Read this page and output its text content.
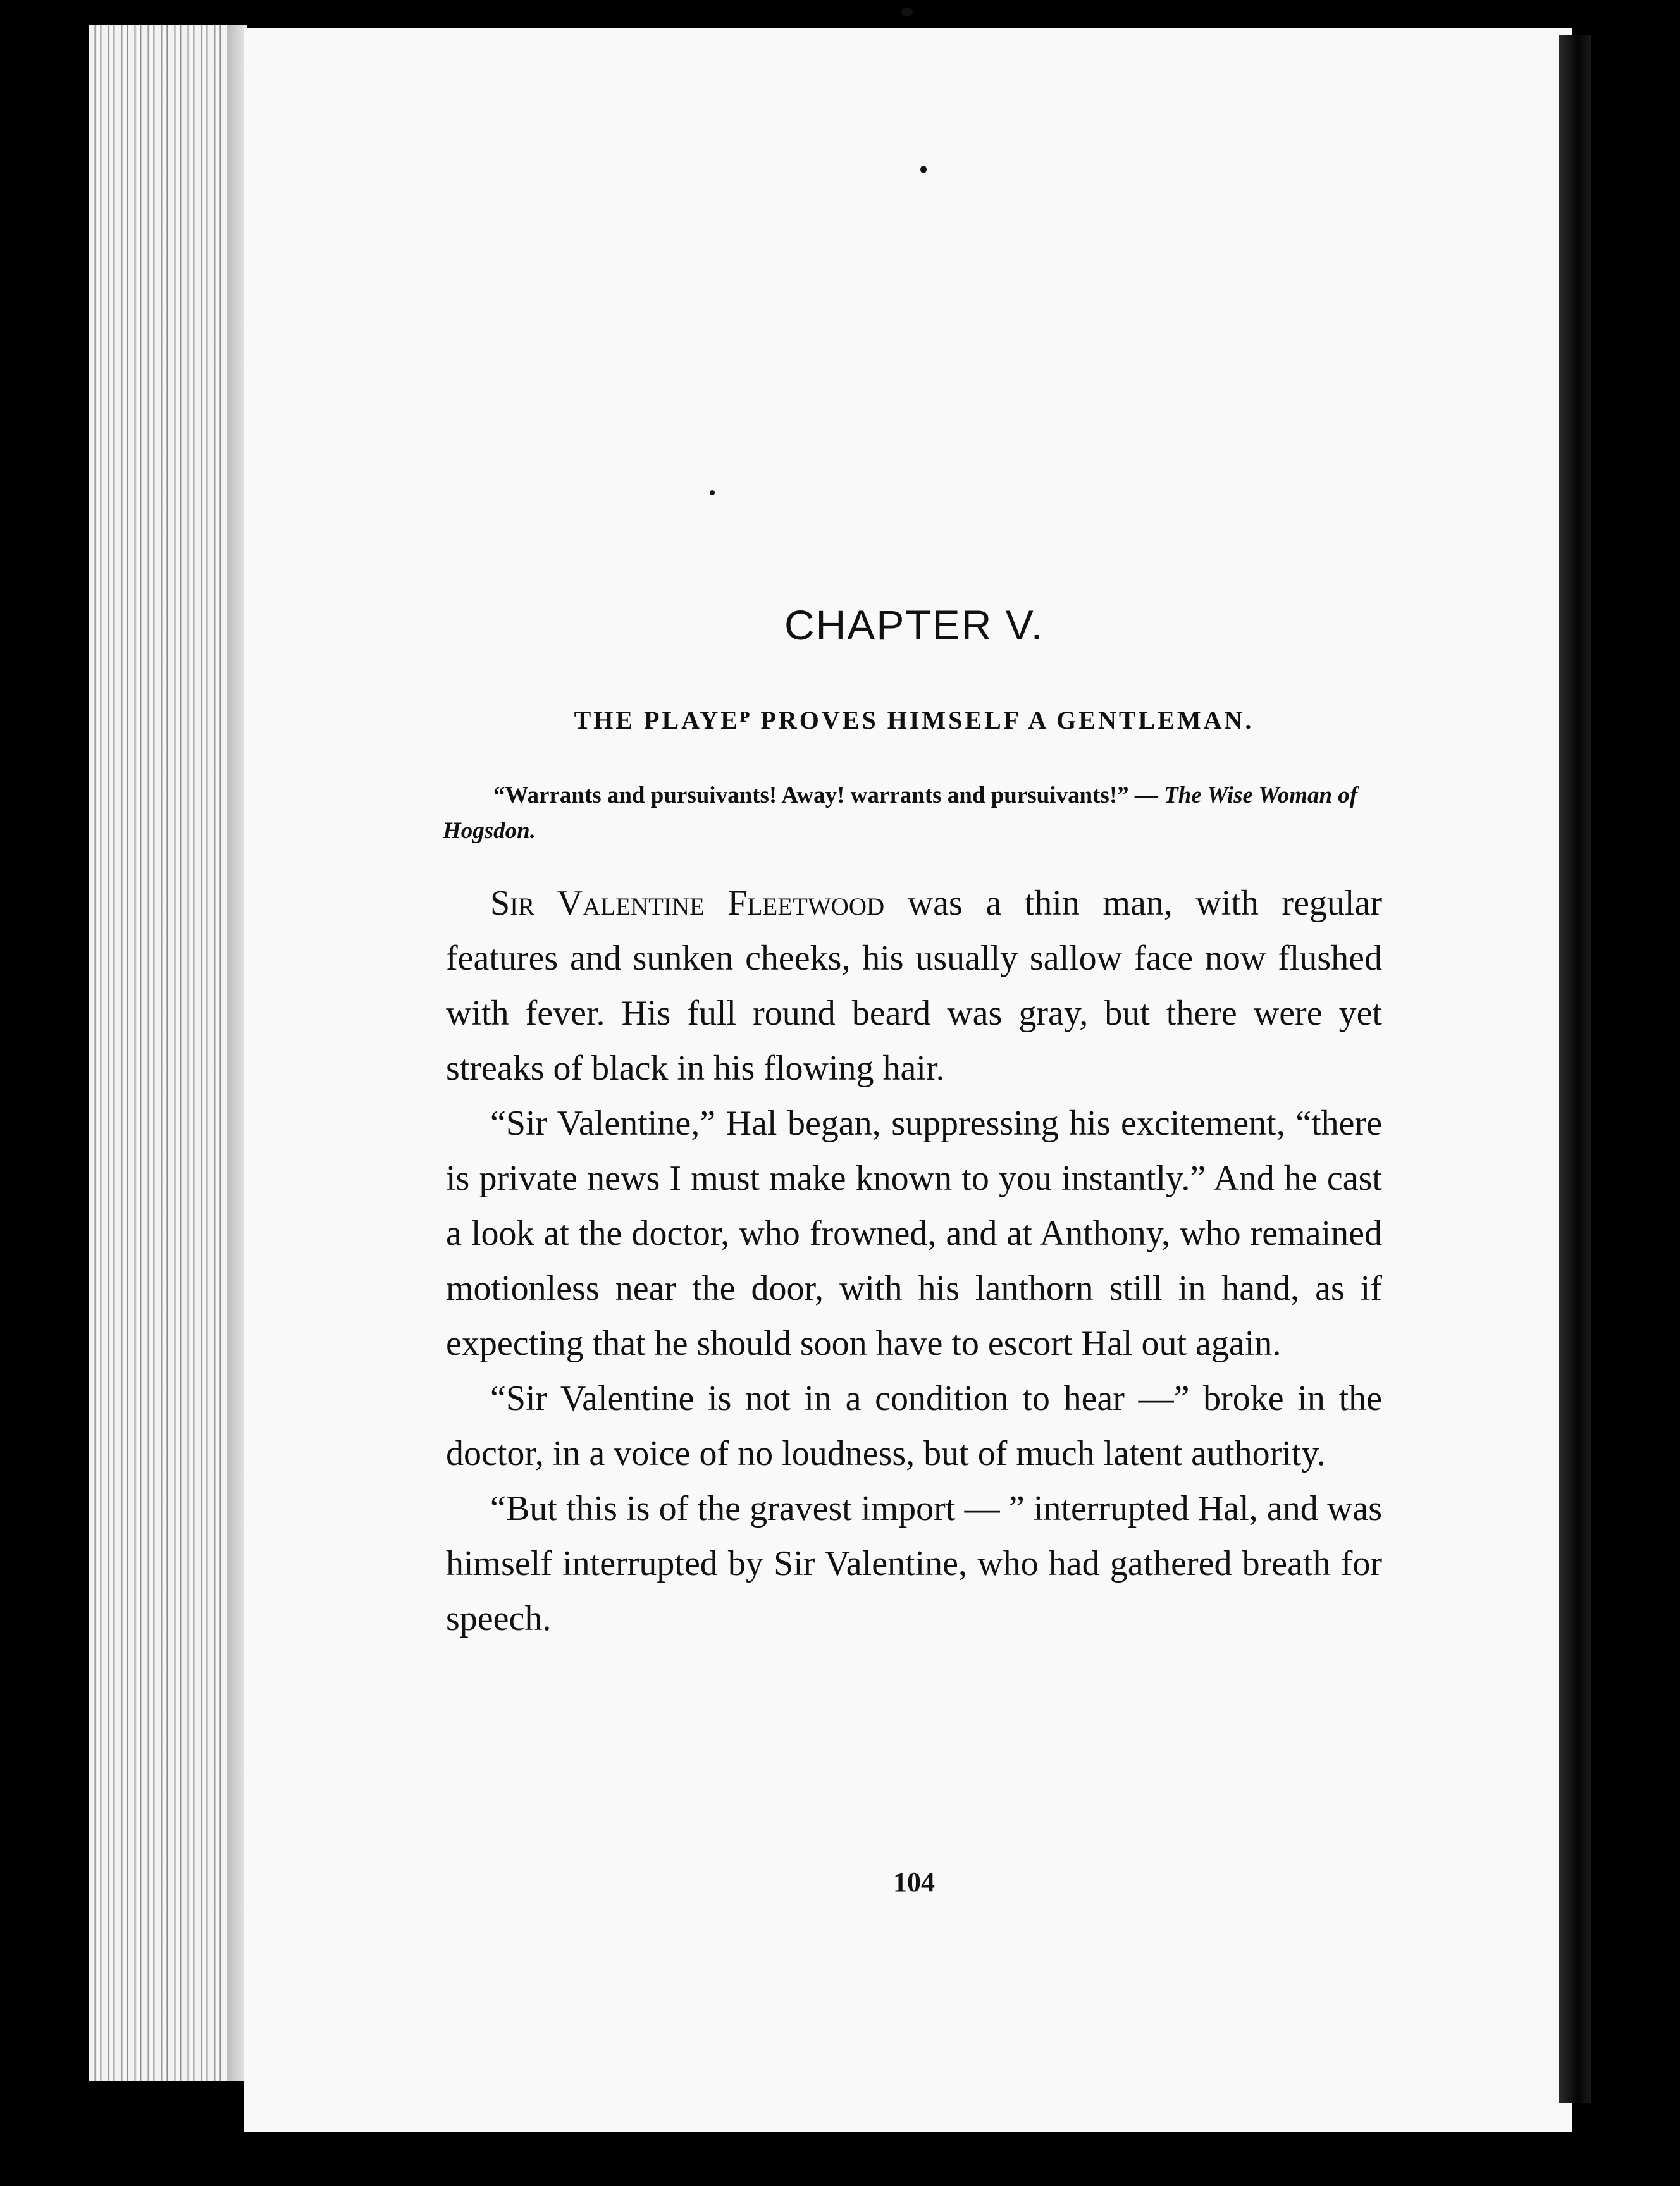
CHAPTER V.
THE PLAYEᴾ PROVES HIMSELF A GENTLEMAN.

“Warrants and pursuivants! Away! warrants and pursuivants!” — The Wise Woman of Hogsdon.

Sir Valentine Fleetwood was a thin man, with regular features and sunken cheeks, his usually sallow face now flushed with fever. His full round beard was gray, but there were yet streaks of black in his flowing hair.

“Sir Valentine,” Hal began, suppressing his excitement, “there is private news I must make known to you instantly.” And he cast a look at the doctor, who frowned, and at Anthony, who remained motionless near the door, with his lanthorn still in hand, as if expecting that he should soon have to escort Hal out again.

“Sir Valentine is not in a condition to hear —” broke in the doctor, in a voice of no loudness, but of much latent authority.

“But this is of the gravest import — ” interrupted Hal, and was himself interrupted by Sir Valentine, who had gathered breath for speech.

104
